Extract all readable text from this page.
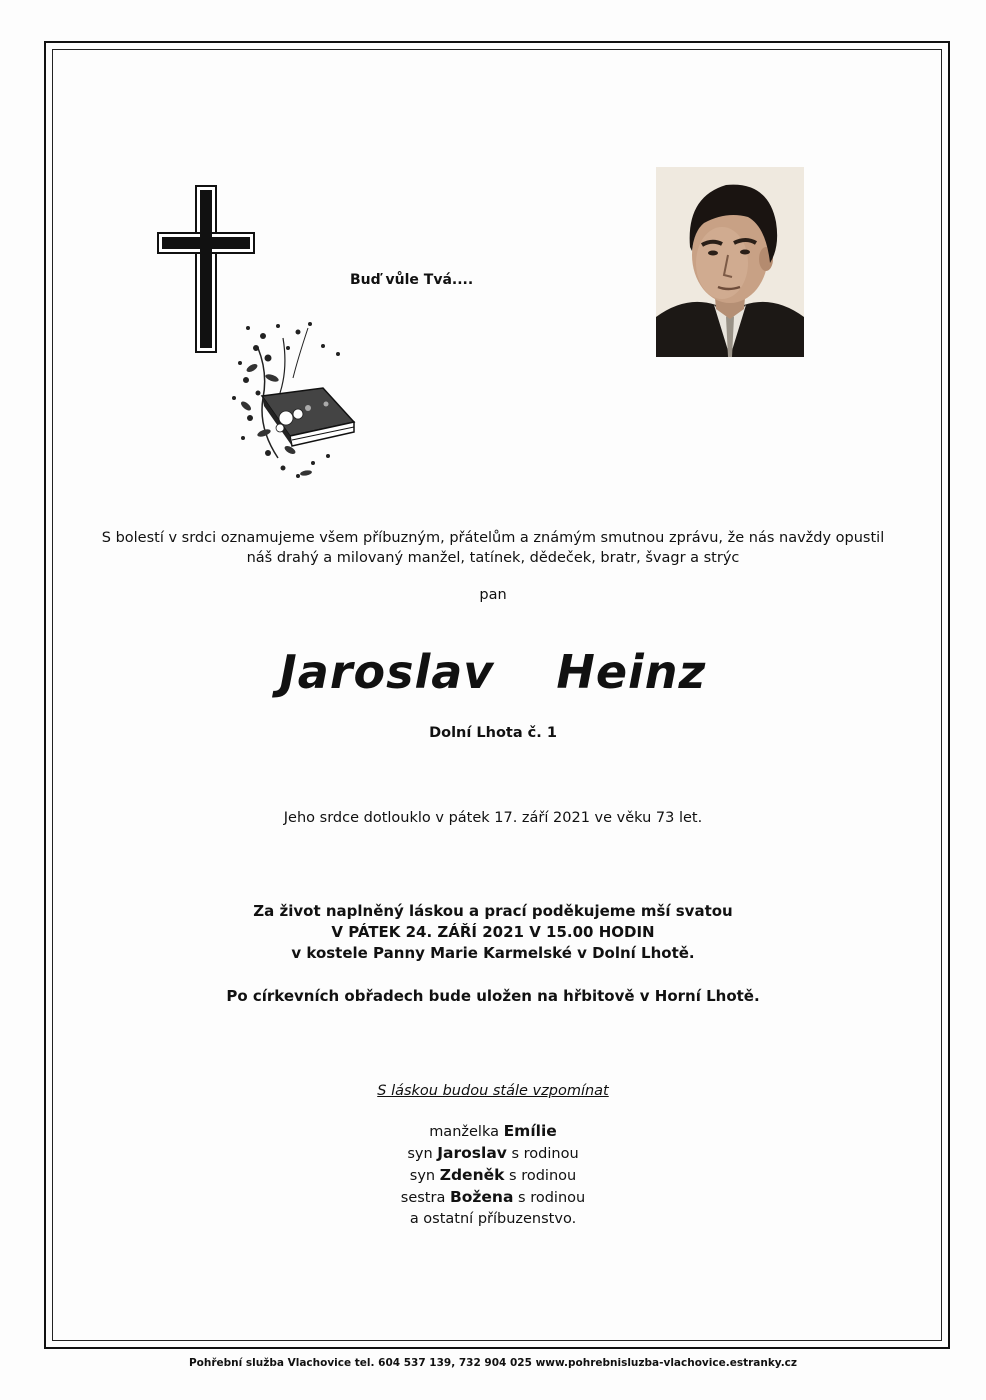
Buď vůle Tvá....
S bolestí v srdci oznamujeme všem příbuzným, přátelům a známým smutnou zprávu, že nás navždy opustil
náš drahý a milovaný manžel, tatínek, dědeček, bratr, švagr a strýc
pan
Jaroslav  Heinz
Dolní Lhota č. 1
Jeho srdce dotlouklo v pátek 17. září 2021 ve věku 73 let.
Za život naplněný láskou a prací poděkujeme mší svatou
V PÁTEK 24. ZÁŘÍ 2021 V 15.00 HODIN
v kostele Panny Marie Karmelské v Dolní Lhotě.
Po církevních obřadech bude uložen na hřbitově v Horní Lhotě.
S láskou budou stále vzpomínat
manželka Emílie
syn Jaroslav s rodinou
syn Zdeněk s rodinou
sestra Božena s rodinou
a ostatní příbuzenstvo.
Pohřební služba Vlachovice tel. 604 537 139, 732 904 025 www.pohrebnisluzba-vlachovice.estranky.cz
